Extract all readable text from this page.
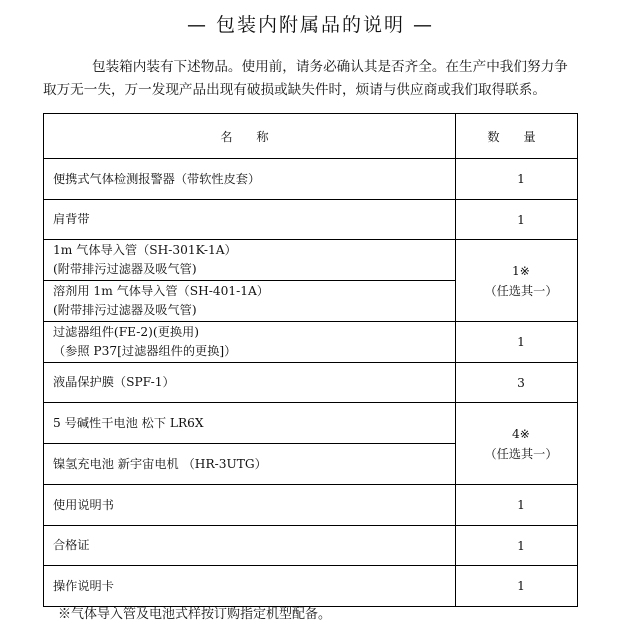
— 包装内附属品的说明 —
包装箱内装有下述物品。使用前，请务必确认其是否齐全。在生产中我们努力争
取万无一失，万一发现产品出现有破损或缺失件时，烦请与供应商或我们取得联系。
名 称	数 量

便携式气体检测报警器（带软性皮套）	1

肩背带	1

1m 气体导入管（SH-301K-1A）
(附带排污过滤器及吸气管)	1※
（任选其一）

溶剂用 1m 气体导入管（SH-401-1A）
(附带排污过滤器及吸气管)	

过滤器组件(FE-2)(更换用)
（参照 P37[过滤器组件的更换]）	1

液晶保护膜（SPF-1）	3

5 号碱性干电池 松下 LR6X	4※
（任选其一）

镍氢充电池 新宇宙电机 （HR-3UTG）	

使用说明书	1

合格证	1

操作说明卡	1
※气体导入管及电池式样按订购指定机型配备。
